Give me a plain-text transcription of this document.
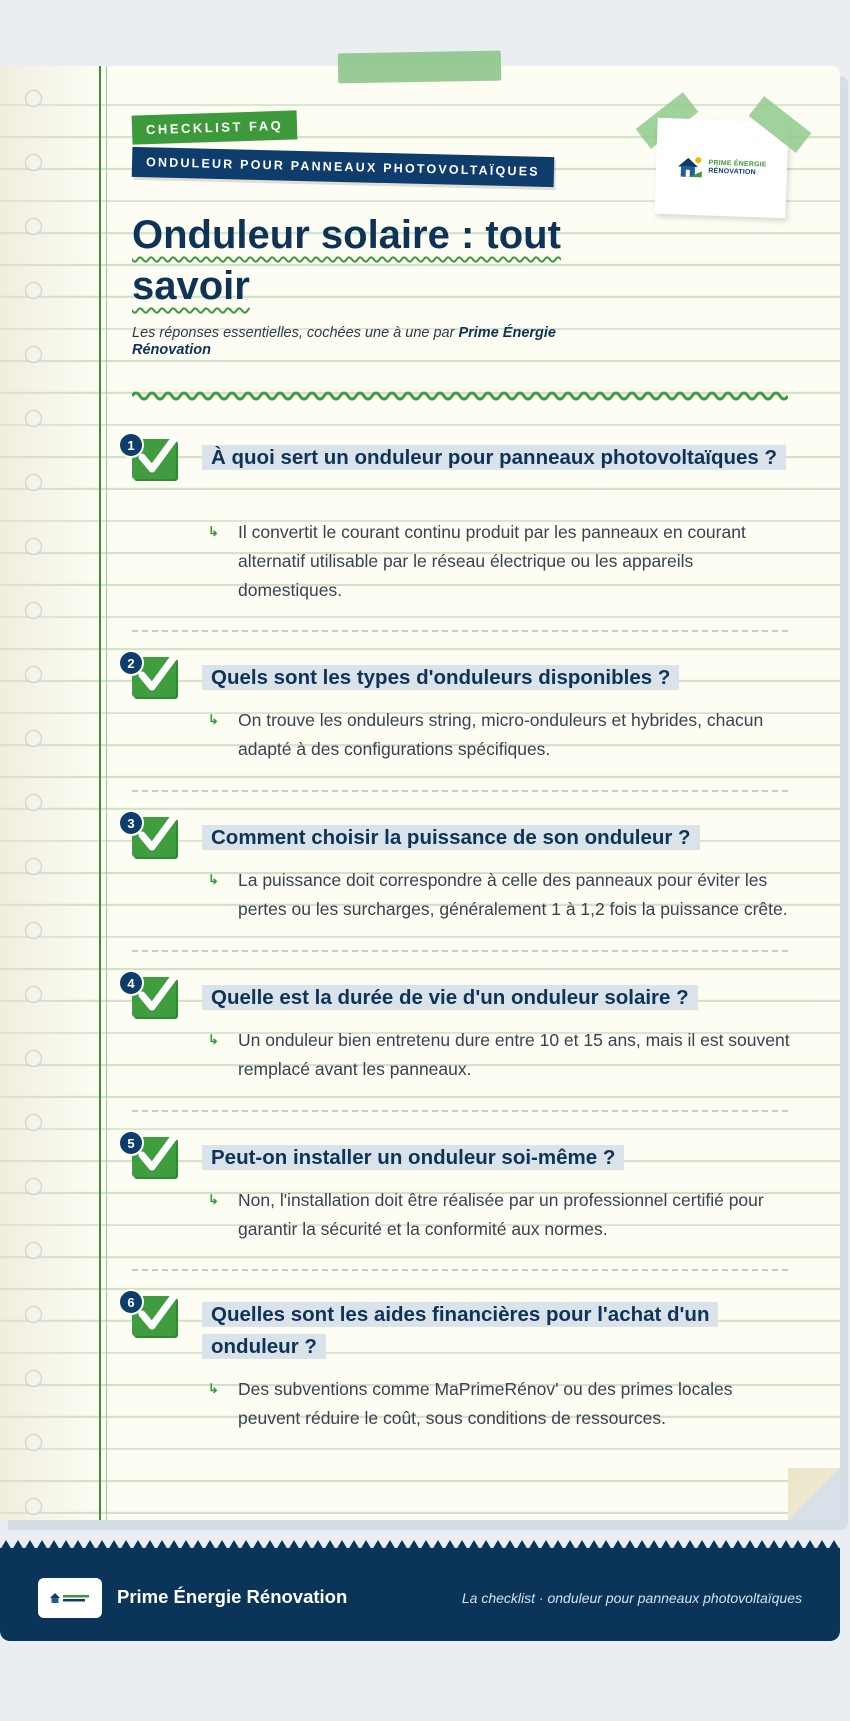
CHECKLIST FAQ
ONDULEUR POUR PANNEAUX PHOTOVOLTAÏQUES
Onduleur solaire : tout
savoir

Les réponses essentielles, cochées une à une par Prime Énergie Rénovation

PRIME ÉNERGIE
RÉNOVATION
1
À quoi sert un onduleur pour panneaux photovoltaïques ?
↳ Il convertit le courant continu produit par les panneaux en courant alternatif utilisable par le réseau électrique ou les appareils domestiques.
2
Quels sont les types d'onduleurs disponibles ?
↳ On trouve les onduleurs string, micro-onduleurs et hybrides, chacun adapté à des configurations spécifiques.
3
Comment choisir la puissance de son onduleur ?
↳ La puissance doit correspondre à celle des panneaux pour éviter les pertes ou les surcharges, généralement 1 à 1,2 fois la puissance crête.
4
Quelle est la durée de vie d'un onduleur solaire ?
↳ Un onduleur bien entretenu dure entre 10 et 15 ans, mais il est souvent remplacé avant les panneaux.
5
Peut-on installer un onduleur soi-même ?
↳ Non, l'installation doit être réalisée par un professionnel certifié pour garantir la sécurité et la conformité aux normes.
6
Quelles sont les aides financières pour l'achat d'un onduleur ?
↳ Des subventions comme MaPrimeRénov' ou des primes locales peuvent réduire le coût, sous conditions de ressources.
Prime Énergie Rénovation	La checklist · onduleur pour panneaux photovoltaïques
